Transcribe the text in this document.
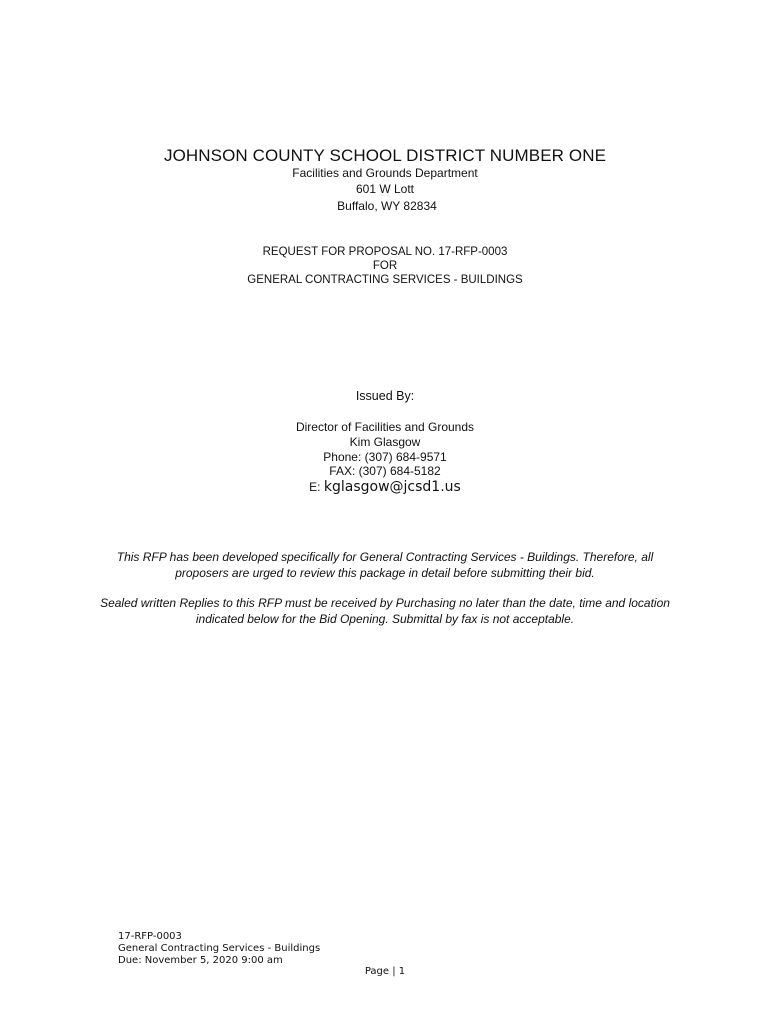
JOHNSON COUNTY SCHOOL DISTRICT NUMBER ONE
Facilities and Grounds Department
601 W Lott
Buffalo, WY 82834
REQUEST FOR PROPOSAL NO. 17-RFP-0003
FOR
GENERAL CONTRACTING SERVICES - BUILDINGS
Issued By:
Director of Facilities and Grounds
Kim Glasgow
Phone: (307) 684-9571
FAX: (307) 684-5182
E: kglasgow@jcsd1.us
This RFP has been developed specifically for General Contracting Services - Buildings. Therefore, all proposers are urged to review this package in detail before submitting their bid.
Sealed written Replies to this RFP must be received by Purchasing no later than the date, time and location indicated below for the Bid Opening. Submittal by fax is not acceptable.
17-RFP-0003
General Contracting Services - Buildings
Due: November 5, 2020 9:00 am
Page | 1
